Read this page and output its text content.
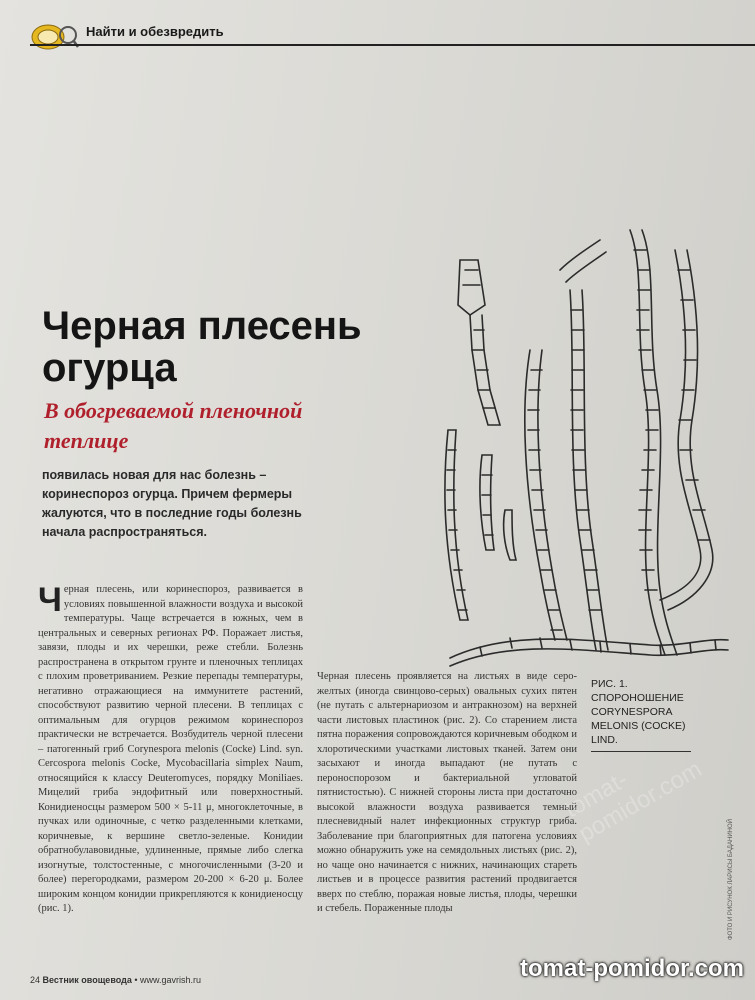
Найти и обезвредить
Черная плесень огурца
В обогреваемой пленочной теплице
появилась новая для нас болезнь – коринеспороз огурца. Причем фермеры жалуются, что в последние годы болезнь начала распространяться.
Ч ерная плесень, или коринеспороз, развивается в условиях повышенной влажности воздуха и высокой температуры. Чаще встречается в южных, чем в центральных и северных регионах РФ. Поражает листья, завязи, плоды и их черешки, реже стебли. Болезнь распространена в открытом грунте и пленочных теплицах с плохим проветриванием. Резкие перепады температуры, негативно отражающиеся на иммунитете растений, способствуют развитию черной плесени. В теплицах с оптимальным для огурцов режимом коринеспороз практически не встречается. Возбудитель черной плесени – патогенный гриб Corynespora melonis (Cocke) Lind. syn. Cercospora melonis Cocke, Mycobacillaria simplex Naum, относящийся к классу Deuteromyces, порядку Moniliaes. Мицелий гриба эндофитный или поверхностный. Конидиеносцы размером 500 × 5-11 μ, многоклеточные, в пучках или одиночные, с четко разделенными клетками, коричневые, к вершине светло-зеленые. Конидии обратнобулавовидные, удлиненные, прямые либо слегка изогнутые, толстостенные, с многочисленными (3-20 и более) перегородками, размером 20-200 × 6-20 μ. Более широким концом конидии прикрепляются к конидиеносцу (рис. 1).
Черная плесень проявляется на листьях в виде серо-желтых (иногда свинцово-серых) овальных сухих пятен (не путать с альтернариозом и антракнозом) на верхней части листовых пластинок (рис. 2). Со старением листа пятна поражения сопровождаются коричневым ободком и хлоротическими участками листовых тканей. Затем они засыхают и иногда выпадают (не путать с пероноспорозом и бактериальной угловатой пятнистостью). С нижней стороны листа при достаточно высокой влажности воздуха развивается темный плесневидный налет инфекционных структур гриба. Заболевание при благоприятных для патогена условиях можно обнаружить уже на семядольных листьях (рис. 2), но чаще оно начинается с нижних, начинающих стареть листьев и в процессе развития растений продвигается вверх по стеблю, поражая новые листья, плоды, черешки и стебель. Пораженные плоды
РИС. 1. СПОРОНОШЕНИЕ CORYNESPORA MELONIS (COCKE) LIND.
ФОТО И РИСУНОК ЛАРИСЫ БАДАНИНОЙ
tomat-pomidor.com
24 Вестник овощевода • www.gavrish.ru	tomat-pomidor.com
